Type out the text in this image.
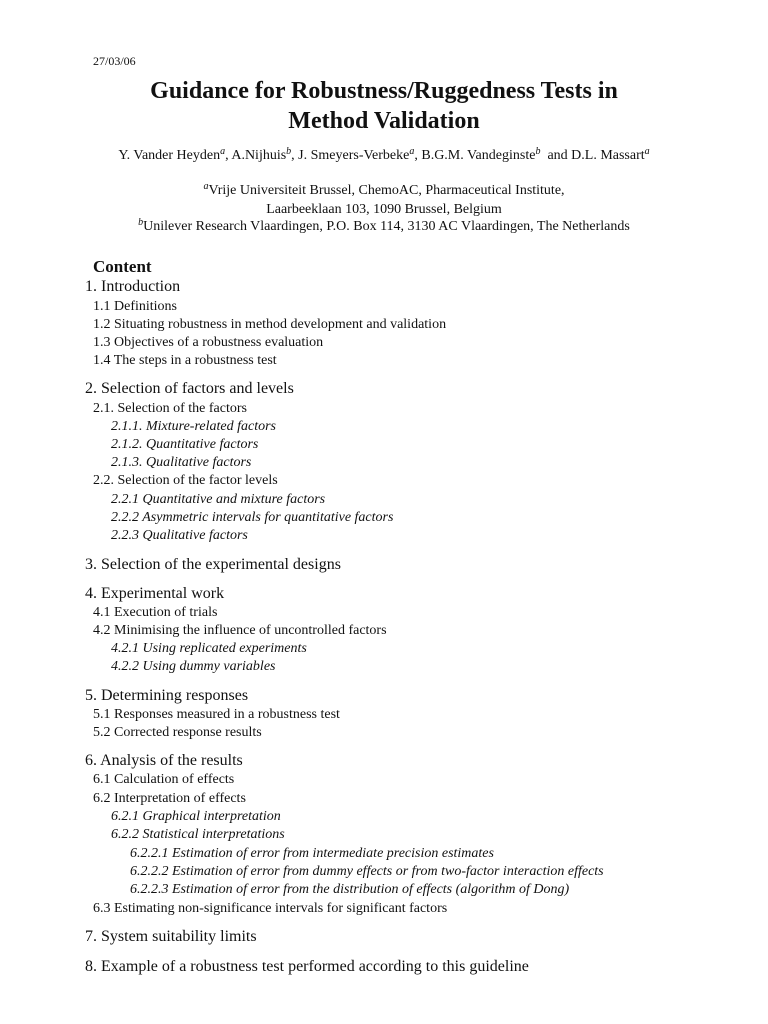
27/03/06
Guidance for Robustness/Ruggedness Tests in
Method Validation
Y. Vander Heyden$^a$, A.Nijhuis$^b$, J. Smeyers-Verbeke$^a$, B.G.M. Vandeginste$^b$  and D.L. Massart$^a$
$^a$Vrije Universiteit Brussel, ChemoAC, Pharmaceutical Institute,
Laarbeeklaan 103, 1090 Brussel, Belgium
$^b$Unilever Research Vlaardingen, P.O. Box 114, 3130 AC Vlaardingen, The Netherlands
Content
1. Introduction
1.1 Definitions
1.2 Situating robustness in method development and validation
1.3 Objectives of a robustness evaluation
1.4 The steps in a robustness test
2. Selection of factors and levels
2.1. Selection of the factors
2.1.1. Mixture-related factors
2.1.2. Quantitative factors
2.1.3. Qualitative factors
2.2. Selection of the factor levels
2.2.1 Quantitative and mixture factors
2.2.2 Asymmetric intervals for quantitative factors
2.2.3 Qualitative factors
3. Selection of the experimental designs
4. Experimental work
4.1 Execution of trials
4.2 Minimising the influence of uncontrolled factors
4.2.1 Using replicated experiments
4.2.2 Using dummy variables
5. Determining responses
5.1 Responses measured in a robustness test
5.2 Corrected response results
6. Analysis of the results
6.1 Calculation of effects
6.2 Interpretation of effects
6.2.1 Graphical interpretation
6.2.2 Statistical interpretations
6.2.2.1 Estimation of error from intermediate precision estimates
6.2.2.2 Estimation of error from dummy effects or from two-factor interaction effects
6.2.2.3 Estimation of error from the distribution of effects (algorithm of Dong)
6.3 Estimating non-significance intervals for significant factors
7. System suitability limits
8. Example of a robustness test performed according to this guideline
